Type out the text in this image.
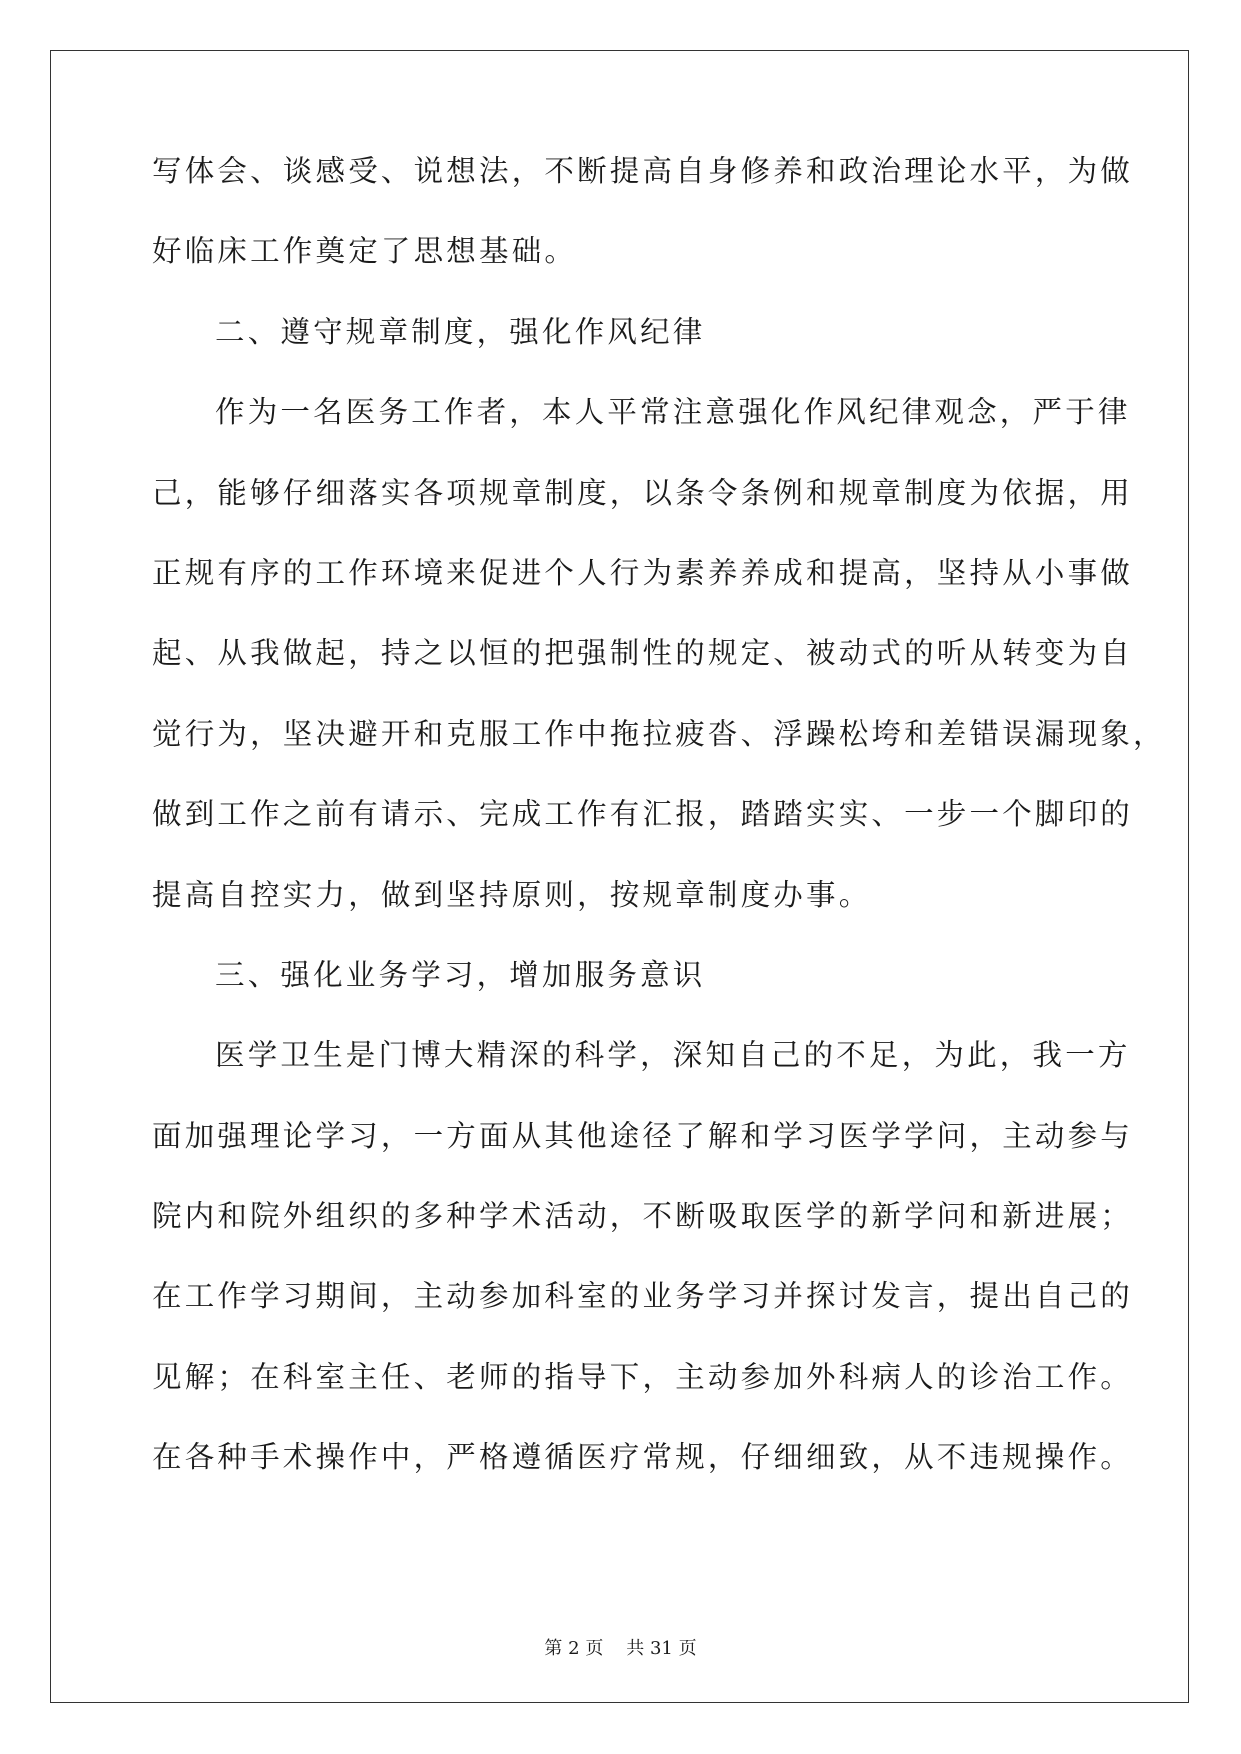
写体会、谈感受、说想法，不断提高自身修养和政治理论水平，为做
好临床工作奠定了思想基础。
二、遵守规章制度，强化作风纪律
作为一名医务工作者，本人平常注意强化作风纪律观念，严于律
己，能够仔细落实各项规章制度，以条令条例和规章制度为依据，用
正规有序的工作环境来促进个人行为素养养成和提高，坚持从小事做
起、从我做起，持之以恒的把强制性的规定、被动式的听从转变为自
觉行为，坚决避开和克服工作中拖拉疲沓、浮躁松垮和差错误漏现象，
做到工作之前有请示、完成工作有汇报，踏踏实实、一步一个脚印的
提高自控实力，做到坚持原则，按规章制度办事。
三、强化业务学习，增加服务意识
医学卫生是门博大精深的科学，深知自己的不足，为此，我一方
面加强理论学习，一方面从其他途径了解和学习医学学问，主动参与
院内和院外组织的多种学术活动，不断吸取医学的新学问和新进展；
在工作学习期间，主动参加科室的业务学习并探讨发言，提出自己的
见解；在科室主任、老师的指导下，主动参加外科病人的诊治工作。
在各种手术操作中，严格遵循医疗常规，仔细细致，从不违规操作。
第 2 页 共 31 页
